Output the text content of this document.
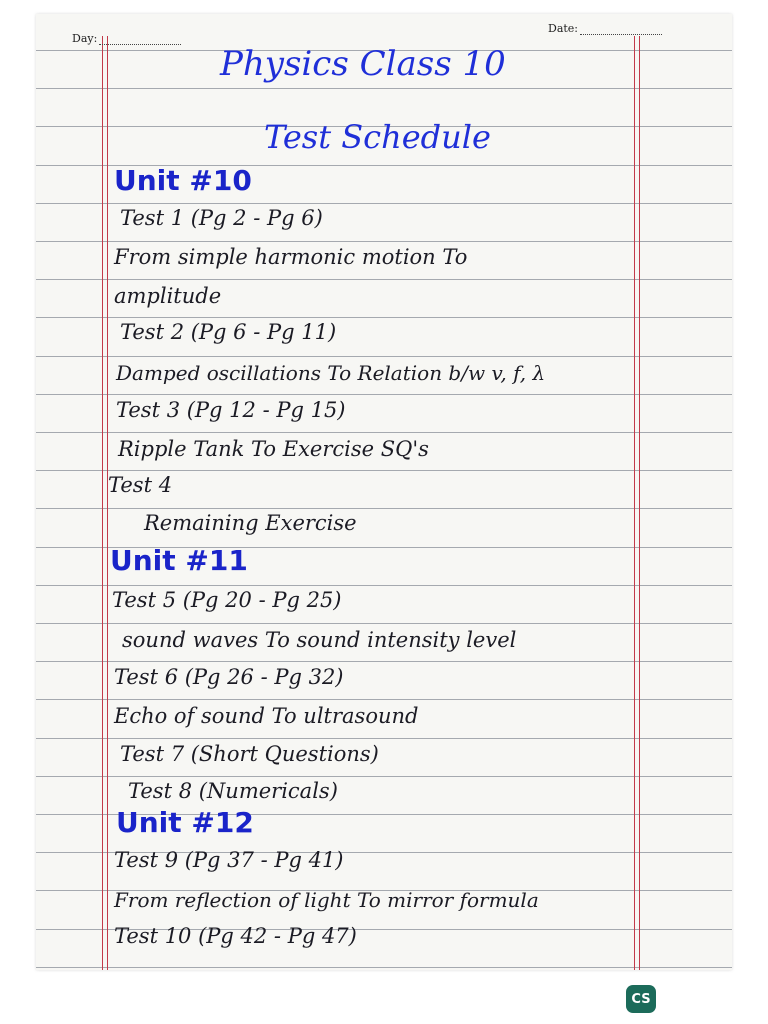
Day:
Date:
Physics Class 10
Test Schedule
Unit #10
Test 1 (Pg 2 - Pg 6)
From simple harmonic motion To
amplitude
Test 2 (Pg 6 - Pg 11)
Damped oscillations To Relation b/w v, f, λ
Test 3 (Pg 12 - Pg 15)
Ripple Tank To Exercise SQ's
Test 4
Remaining Exercise
Unit #11
Test 5 (Pg 20 - Pg 25)
sound waves To sound intensity level
Test 6 (Pg 26 - Pg 32)
Echo of sound To ultrasound
Test 7 (Short Questions)
Test 8 (Numericals)
Unit #12
Test 9 (Pg 37 - Pg 41)
From reflection of light To mirror formula
Test 10 (Pg 42 - Pg 47)
CS
